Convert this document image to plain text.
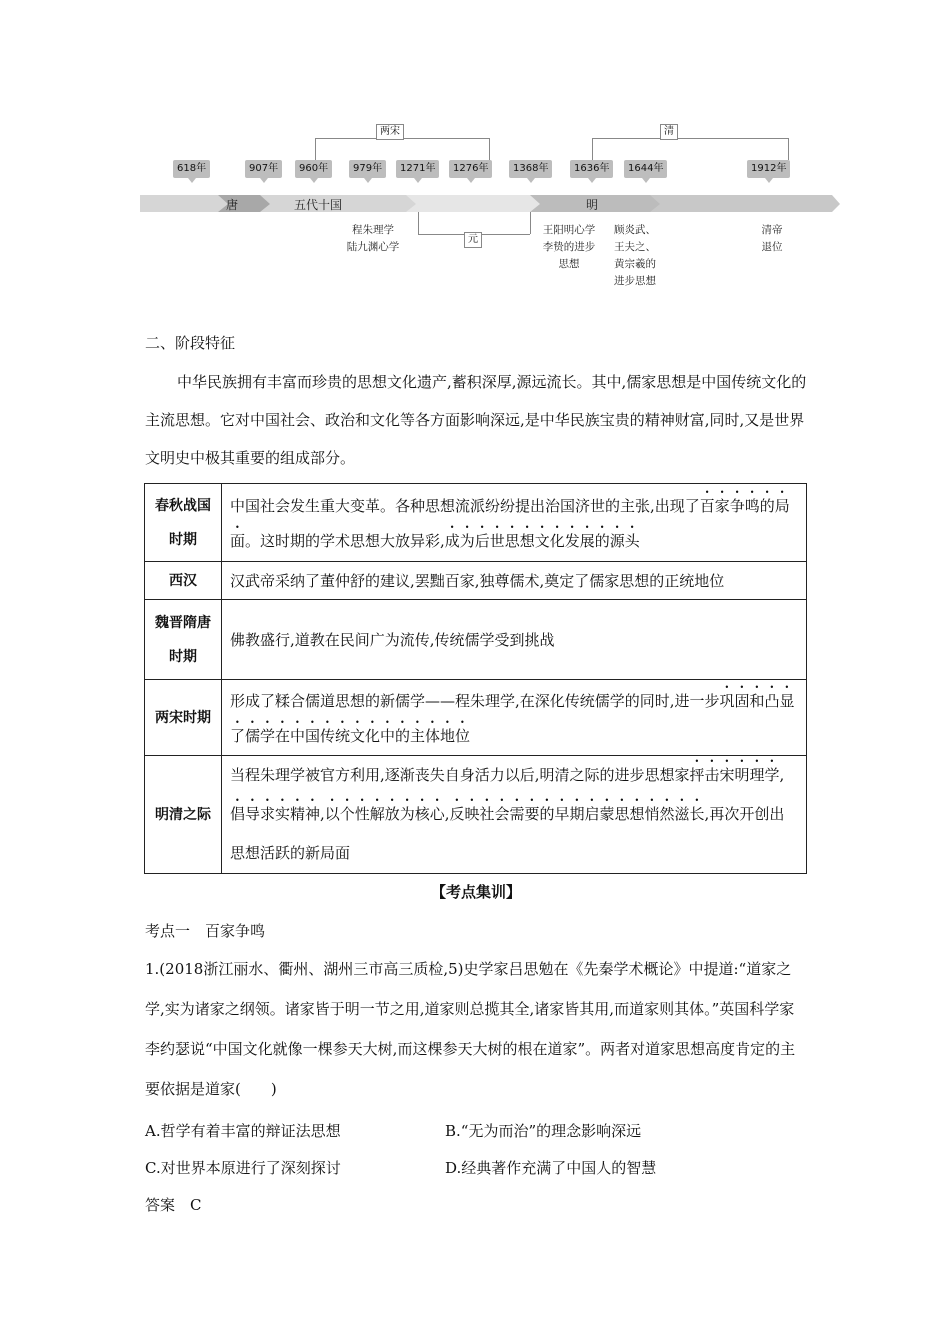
两宋	清
元
618年	907年	960年	979年	1271年	1276年	1368年	1636年	1644年	1912年
唐	五代十国	明
程朱理学
陆九渊心学
王阳明心学
李贽的进步
思想
顾炎武、
王夫之、
黄宗羲的
进步思想
清帝
退位
二、阶段特征
中华民族拥有丰富而珍贵的思想文化遗产,蓄积深厚,源远流长。其中,儒家思想是中国传统文化的主流思想。它对中国社会、政治和文化等各方面影响深远,是中华民族宝贵的精神财富,同时,又是世界文明史中极其重要的组成部分。
春秋战国时期	中国社会发生重大变革。各种思想流派纷纷提出治国济世的主张,出现了百家争鸣的局面。这时期的学术思想大放异彩,成为后世思想文化发展的源头
西汉	汉武帝采纳了董仲舒的建议,罢黜百家,独尊儒术,奠定了儒家思想的正统地位
魏晋隋唐时期	佛教盛行,道教在民间广为流传,传统儒学受到挑战
两宋时期	形成了糅合儒道思想的新儒学——程朱理学,在深化传统儒学的同时,进一步巩固和凸显了儒学在中国传统文化中的主体地位
明清之际	当程朱理学被官方利用,逐渐丧失自身活力以后,明清之际的进步思想家抨击宋明理学,倡导求实精神,以个性解放为核心,反映社会需要的早期启蒙思想悄然滋长,再次开创出思想活跃的新局面
【考点集训】
考点一　百家争鸣
1.(2018浙江丽水、衢州、湖州三市高三质检,5)史学家吕思勉在《先秦学术概论》中提道:“道家之学,实为诸家之纲领。诸家皆于明一节之用,道家则总揽其全,诸家皆其用,而道家则其体。”英国科学家李约瑟说“中国文化就像一棵参天大树,而这棵参天大树的根在道家”。两者对道家思想高度肯定的主要依据是道家(　　)
A.哲学有着丰富的辩证法思想	B.“无为而治”的理念影响深远
C.对世界本原进行了深刻探讨	D.经典著作充满了中国人的智慧
答案　C
